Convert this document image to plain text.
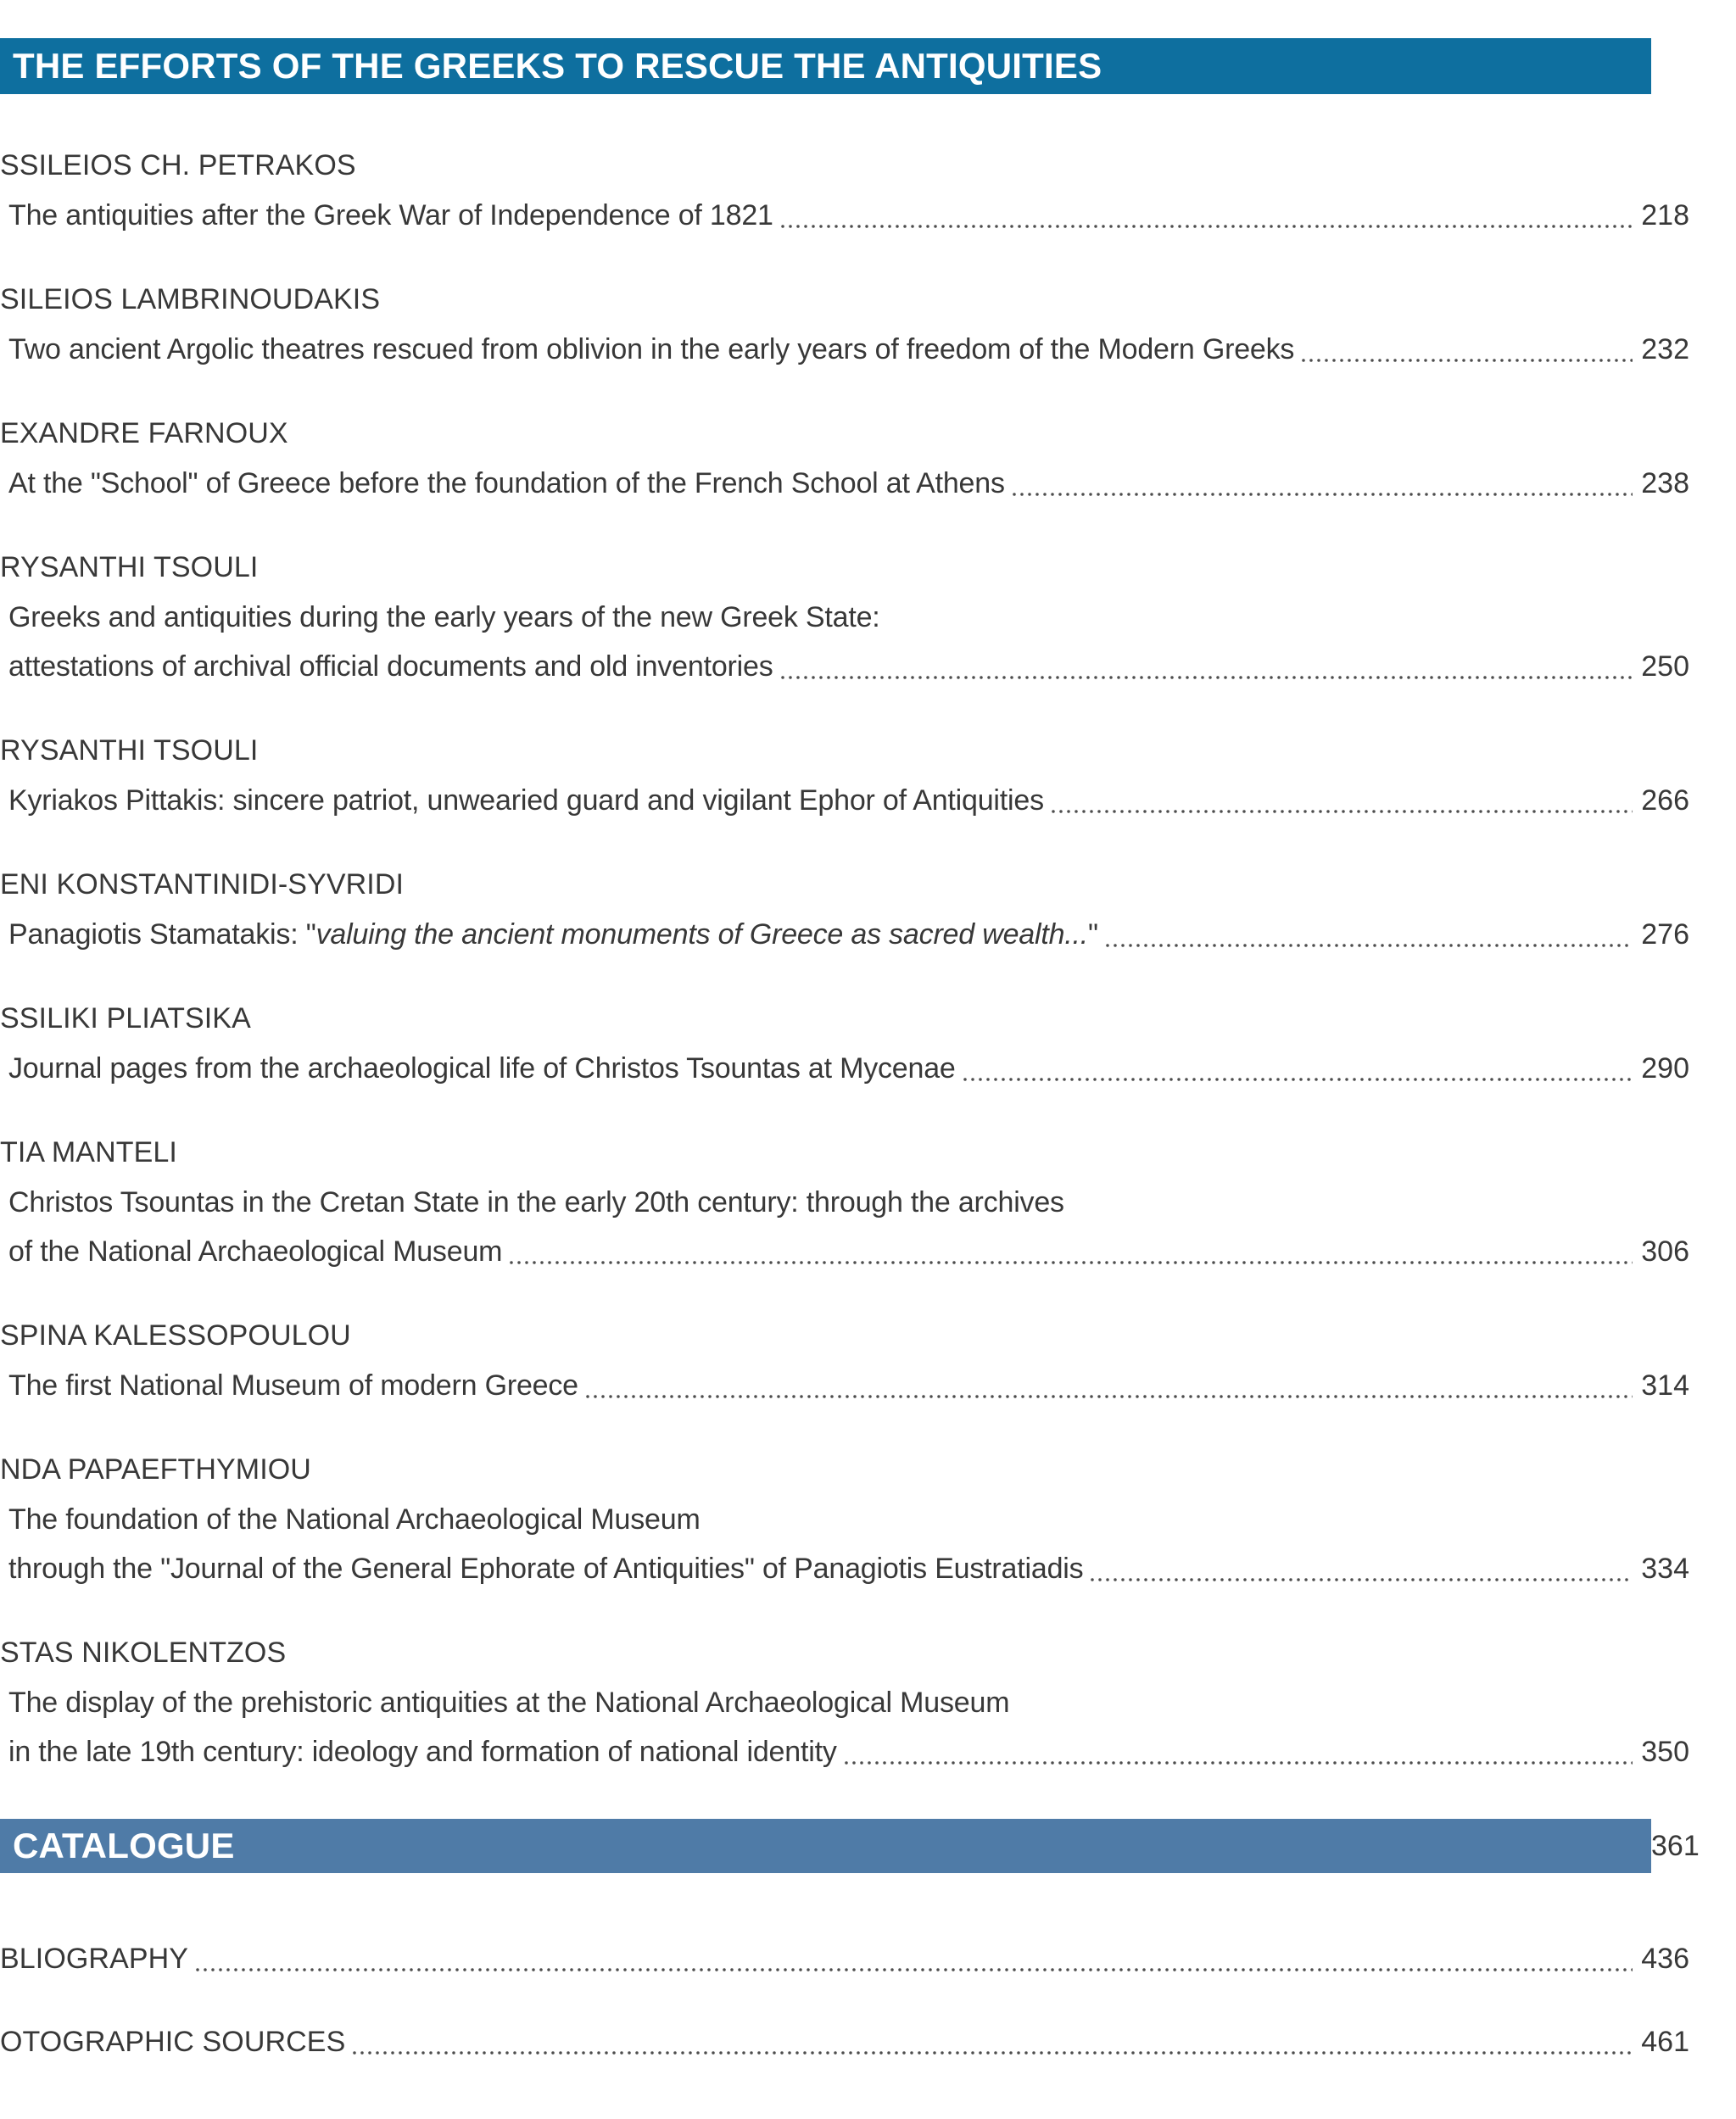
THE EFFORTS OF THE GREEKS TO RESCUE THE ANTIQUITIES
SSILEIOS CH. PETRAKOS
The antiquities after the Greek War of Independence of 1821	218
SILEIOS LAMBRINOUDAKIS
Two ancient Argolic theatres rescued from oblivion in the early years of freedom of the Modern Greeks	232
EXANDRE FARNOUX
At the "School" of Greece before the foundation of the French School at Athens	238
RYSANTHI TSOULI
Greeks and antiquities during the early years of the new Greek State:
attestations of archival official documents and old inventories	250
RYSANTHI TSOULI
Kyriakos Pittakis: sincere patriot, unwearied guard and vigilant Ephor of Antiquities	266
ENI KONSTANTINIDI-SYVRIDI
Panagiotis Stamatakis: "valuing the ancient monuments of Greece as sacred wealth..."	276
SSILIKI PLIATSIKA
Journal pages from the archaeological life of Christos Tsountas at Mycenae	290
TIA MANTELI
Christos Tsountas in the Cretan State in the early 20th century: through the archives
of the National Archaeological Museum	306
SPINA KALESSOPOULOU
The first National Museum of modern Greece	314
NDA PAPAEFTHYMIOU
The foundation of the National Archaeological Museum
through the "Journal of the General Ephorate of Antiquities" of Panagiotis Eustratiadis	334
STAS NIKOLENTZOS
The display of the prehistoric antiquities at the National Archaeological Museum
in the late 19th century: ideology and formation of national identity	350
CATALOGUE	361
BLIOGRAPHY	436
OTOGRAPHIC SOURCES	461
